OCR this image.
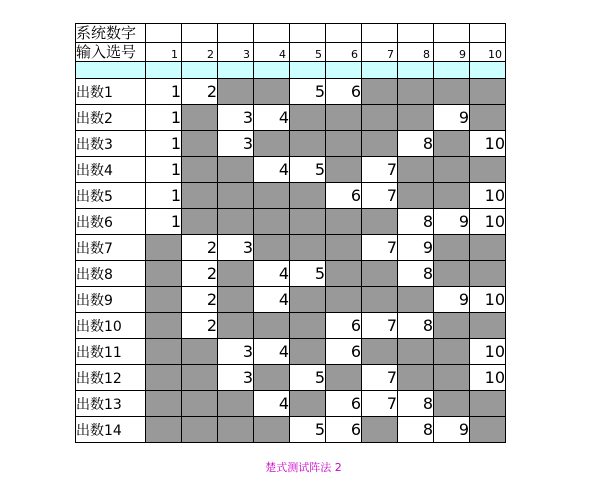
系统数字										
输入选号	1	2	3	4	5	6	7	8	9	10

出数1	1	2			5	6				
出数2	1		3	4					9	
出数3	1		3					8		10
出数4	1			4	5		7			
出数5	1					6	7			10
出数6	1							8	9	10
出数7		2	3				7	9		
出数8		2		4	5			8		
出数9		2		4					9	10
出数10		2				6	7	8		
出数11			3	4		6				10
出数12			3		5		7			10
出数13				4		6	7	8		
出数14					5	6		8	9	
楚式测试阵法 2
